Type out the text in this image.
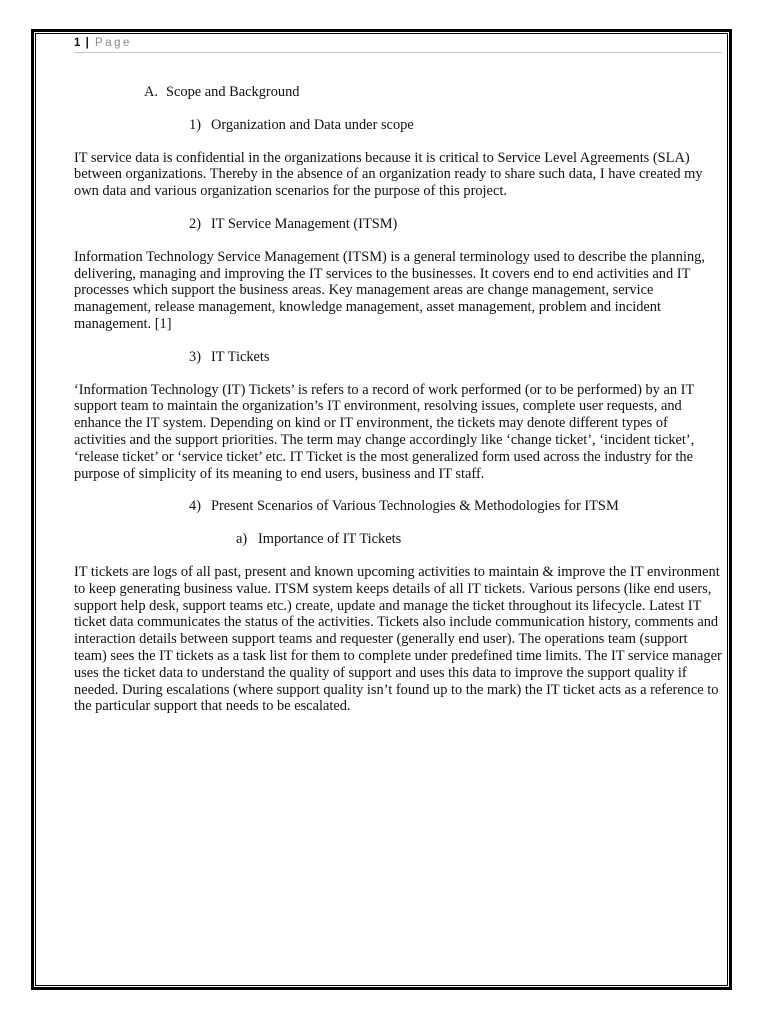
1 | Page
A. Scope and Background
1) Organization and Data under scope

IT service data is confidential in the organizations because it is critical to Service Level Agreements (SLA) between organizations. Thereby in the absence of an organization ready to share such data, I have created my own data and various organization scenarios for the purpose of this project.

2) IT Service Management (ITSM)

Information Technology Service Management (ITSM) is a general terminology used to describe the planning, delivering, managing and improving the IT services to the businesses. It covers end to end activities and IT processes which support the business areas. Key management areas are change management, service management, release management, knowledge management, asset management, problem and incident management. [1]

3) IT Tickets

‘Information Technology (IT) Tickets’ is refers to a record of work performed (or to be performed) by an IT support team to maintain the organization’s IT environment, resolving issues, complete user requests, and enhance the IT system. Depending on kind or IT environment, the tickets may denote different types of activities and the support priorities. The term may change accordingly like ‘change ticket’, ‘incident ticket’, ‘release ticket’ or ‘service ticket’ etc. IT Ticket is the most generalized form used across the industry for the purpose of simplicity of its meaning to end users, business and IT staff.

4) Present Scenarios of Various Technologies & Methodologies for ITSM
a) Importance of IT Tickets

IT tickets are logs of all past, present and known upcoming activities to maintain & improve the IT environment to keep generating business value. ITSM system keeps details of all IT tickets. Various persons (like end users, support help desk, support teams etc.) create, update and manage the ticket throughout its lifecycle. Latest IT ticket data communicates the status of the activities. Tickets also include communication history, comments and interaction details between support teams and requester (generally end user). The operations team (support team) sees the IT tickets as a task list for them to complete under predefined time limits. The IT service manager uses the ticket data to understand the quality of support and uses this data to improve the support quality if needed. During escalations (where support quality isn’t found up to the mark) the IT ticket acts as a reference to the particular support that needs to be escalated.
